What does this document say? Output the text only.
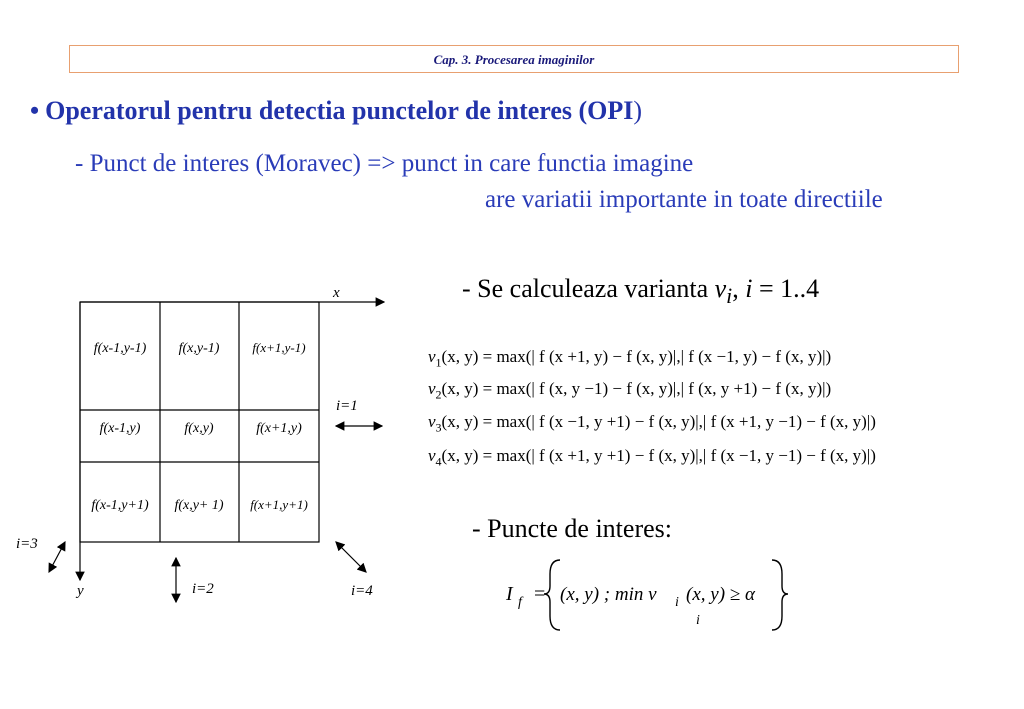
Cap. 3. Procesarea imaginilor
• Operatorul pentru detectia punctelor de interes (OPI)
- Punct de interes (Moravec) => punct in care functia imagine
are variatii importante in toate directiile
- Se calculeaza varianta $v_i$, i = 1..4
x
y
f(x-1,y-1) f(x,y-1)	f(x+1,y-1)
f(x-1,y)	f(x,y)	f(x+1,y)
f(x-1,y+1) f(x,y+ 1) f(x+1,y+1)
i=1
i=2
i=3
i=4
$v_1(x$, y) = max(| f (x +1, y) − f (x, y)|,| f (x −1, y) − f (x, y)|)
$v_2(x$, y) = max(| f (x, y −1) − f (x, y)|,| f (x, y +1) − f (x, y)|)
$v_3(x$, y) = max(| f (x −1, y +1) − f (x, y)|,| f (x +1, y −1) − f (x, y)|)
$v_4(x$, y) = max(| f (x +1, y +1) − f (x, y)|,| f (x −1, y −1) − f (x, y)|)
- Puncte de interes:
I f = (x, y) ; min v i (x, y) ≥ α
i
